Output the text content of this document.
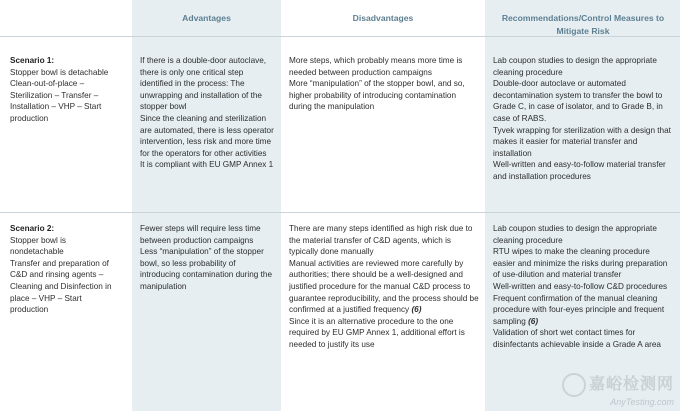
Advantages	Disadvantages	Recommendations/Control Measures to Mitigate Risk

Scenario 1:

Stopper bowl is detachable

Clean-out-of-place –

Sterilization – Transfer –

Installation – VHP – Start

production

If there is a double-door autoclave, there is only one critical step identified in the process: The unwrapping and installation of the stopper bowl

Since the cleaning and sterilization are automated, there is less operator intervention, less risk and more time for the operators for other activities

It is compliant with EU GMP Annex 1

More steps, which probably means more time is needed between production campaigns

More “manipulation” of the stopper bowl, and so, higher probability of introducing contamination during the manipulation

Lab coupon studies to design the appropriate cleaning procedure

Double-door autoclave or automated decontamination system to transfer the bowl to Grade C, in case of isolator, and to Grade B, in case of RABS.

Tyvek wrapping for sterilization with a design that makes it easier for material transfer and installation

Well-written and easy-to-follow material transfer and installation procedures

Scenario 2:

Stopper bowl is

nondetachable

Transfer and preparation of

C&D and rinsing agents –

Cleaning and Disinfection in

place – VHP – Start

production

Fewer steps will require less time between production campaigns

Less “manipulation” of the stopper bowl, so less probability of introducing contamination during the manipulation

There are many steps identified as high risk due to the material transfer of C&D agents, which is typically done manually

Manual activities are reviewed more carefully by authorities; there should be a well-designed and justified procedure for the manual C&D process to guarantee reproducibility, and the process should be confirmed at a justified frequency (6)

Since it is an alternative procedure to the one required by EU GMP Annex 1, additional effort is needed to justify its use

Lab coupon studies to design the appropriate cleaning procedure

RTU wipes to make the cleaning procedure easier and minimize the risks during preparation of use-dilution and material transfer

Well-written and easy-to-follow C&D procedures

Frequent confirmation of the manual cleaning procedure with four-eyes principle and frequent sampling (6)

Validation of short wet contact times for disinfectants achievable inside a Grade A area

嘉峪检测网
AnyTesting.com
